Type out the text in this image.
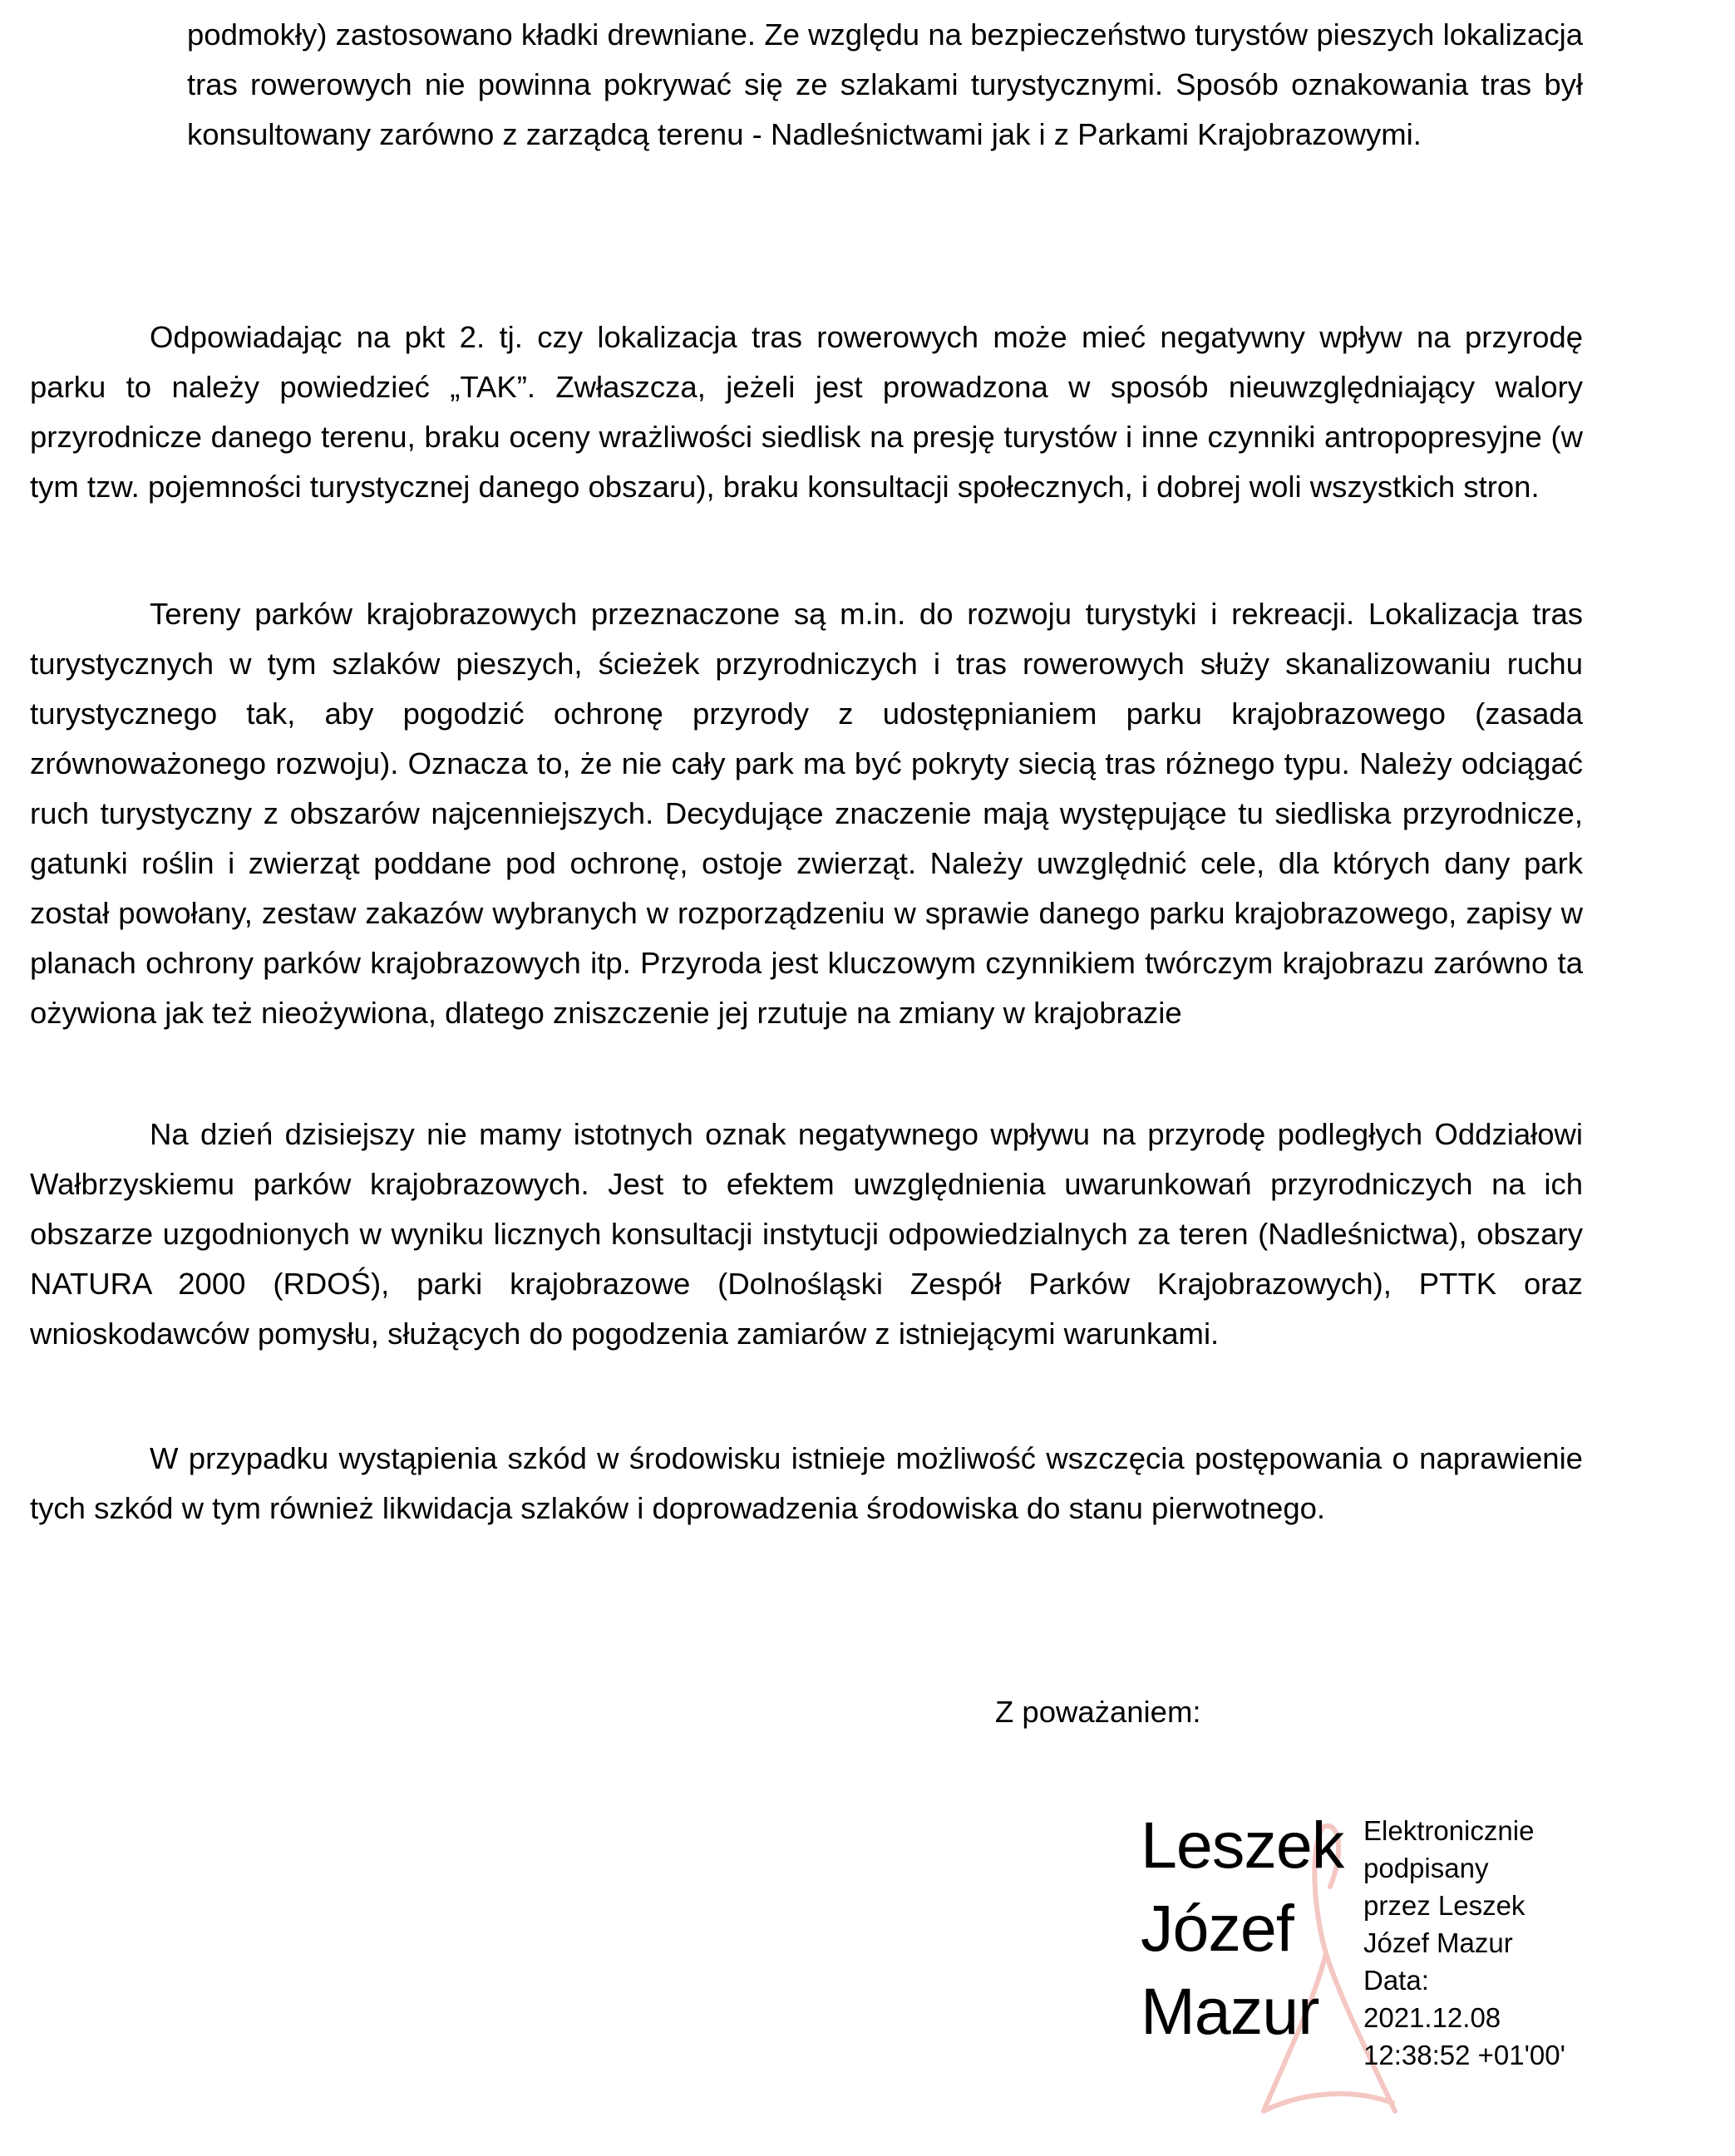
podmokły) zastosowano kładki drewniane. Ze względu na bezpieczeństwo turystów pieszych lokalizacja tras rowerowych nie powinna pokrywać się ze szlakami turystycznymi. Sposób oznakowania tras był konsultowany zarówno z zarządcą terenu - Nadleśnictwami jak i z Parkami Krajobrazowymi.

Odpowiadając na pkt 2. tj. czy lokalizacja tras rowerowych może mieć negatywny wpływ na przyrodę parku to należy powiedzieć „TAK”. Zwłaszcza, jeżeli jest prowadzona w sposób nieuwzględniający walory przyrodnicze danego terenu, braku oceny wrażliwości siedlisk na presję turystów i inne czynniki antropopresyjne (w tym tzw. pojemności turystycznej danego obszaru), braku konsultacji społecznych, i dobrej woli wszystkich stron.

Tereny parków krajobrazowych przeznaczone są m.in. do rozwoju turystyki i rekreacji. Lokalizacja tras turystycznych w tym szlaków pieszych, ścieżek przyrodniczych i tras rowerowych służy skanalizowaniu ruchu turystycznego tak, aby pogodzić ochronę przyrody z udostępnianiem parku krajobrazowego (zasada zrównoważonego rozwoju). Oznacza to, że nie cały park ma być pokryty siecią tras różnego typu. Należy odciągać ruch turystyczny z obszarów najcenniejszych. Decydujące znaczenie mają występujące tu siedliska przyrodnicze, gatunki roślin i zwierząt poddane pod ochronę, ostoje zwierząt. Należy uwzględnić cele, dla których dany park został powołany, zestaw zakazów wybranych w rozporządzeniu w sprawie danego parku krajobrazowego, zapisy w planach ochrony parków krajobrazowych itp. Przyroda jest kluczowym czynnikiem twórczym krajobrazu zarówno ta ożywiona jak też nieożywiona, dlatego zniszczenie jej rzutuje na zmiany w krajobrazie

Na dzień dzisiejszy nie mamy istotnych oznak negatywnego wpływu na przyrodę podległych Oddziałowi Wałbrzyskiemu parków krajobrazowych. Jest to efektem uwzględnienia uwarunkowań przyrodniczych na ich obszarze uzgodnionych w wyniku licznych konsultacji instytucji odpowiedzialnych za teren (Nadleśnictwa), obszary NATURA 2000 (RDOŚ), parki krajobrazowe (Dolnośląski Zespół Parków Krajobrazowych), PTTK oraz wnioskodawców pomysłu, służących do pogodzenia zamiarów z istniejącymi warunkami.

W przypadku wystąpienia szkód w środowisku istnieje możliwość wszczęcia postępowania o naprawienie tych szkód w tym również likwidacja szlaków i doprowadzenia środowiska do stanu pierwotnego.

Z poważaniem:

Leszek
Józef
Mazur
Elektronicznie
podpisany
przez Leszek
Józef Mazur
Data:
2021.12.08
12:38:52 +01'00'
